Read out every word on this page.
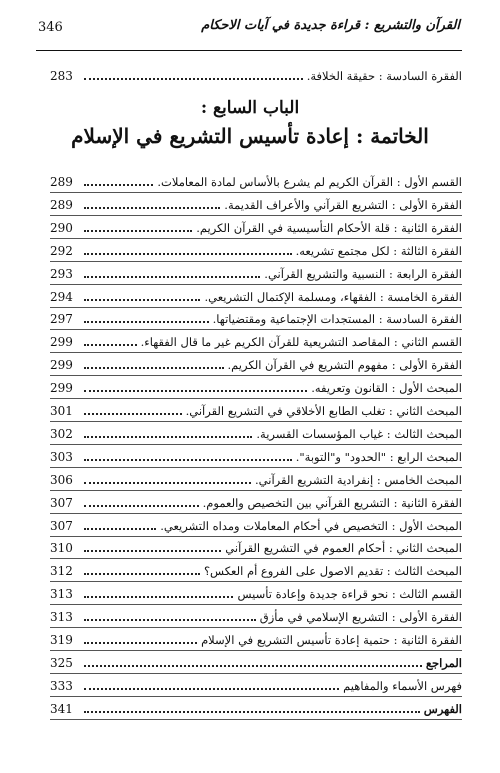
346	القرآن والتشريع : قراءة جديدة في آيات الاحكام
الفقرة السادسة : حقيقة الخلافة.
283
الباب السابع :
الخاتمة : إعادة تأسيس التشريع في الإسلام
القسم الأول : القرآن الكريم لم يشرع بالأساس لمادة المعاملات.
289
الفقرة الأولى : التشريع القرآني والأعراف القديمة.
289
الفقرة الثانية : قلة الأحكام التأسيسية في القرآن الكريم.
290
الفقرة الثالثة : لكل مجتمع تشريعه.
292
الفقرة الرابعة : النسبية والتشريع القرآني.
293
الفقرة الخامسة : الفقهاء، ومسلمة الإكتمال التشريعي.
294
الفقرة السادسة : المستجدات الإجتماعية ومقتضياتها.
297
القسم الثاني : المقاصد التشريعية للقرآن الكريم غير ما قال الفقهاء.
299
الفقرة الأولى : مفهوم التشريع في القرآن الكريم.
299
المبحث الأول : القانون وتعريفه.
299
المبحث الثاني : تغلب الطابع الأخلاقي في التشريع القرآني.
301
المبحث الثالث : غياب المؤسسات القسرية.
302
المبحث الرابع : "الحدود" و"التوبة".
303
المبحث الخامس : إنفرادية التشريع القرآني.
306
الفقرة الثانية : التشريع القرآني بين التخصيص والعموم.
307
المبحث الأول : التخصيص في أحكام المعاملات ومداه التشريعي.
307
المبحث الثاني : أحكام العموم في التشريع القرآني
310
المبحث الثالث : تقديم الاصول على الفروع أم العكس؟
312
القسم الثالث : نحو قراءة جديدة وإعادة تأسيس
313
الفقرة الأولى : التشريع الإسلامي في مأزق
313
الفقرة الثانية : حتمية إعادة تأسيس التشريع في الإسلام
319
المراجع
325
فهرس الأسماء والمفاهيم
333
الفهرس
341
